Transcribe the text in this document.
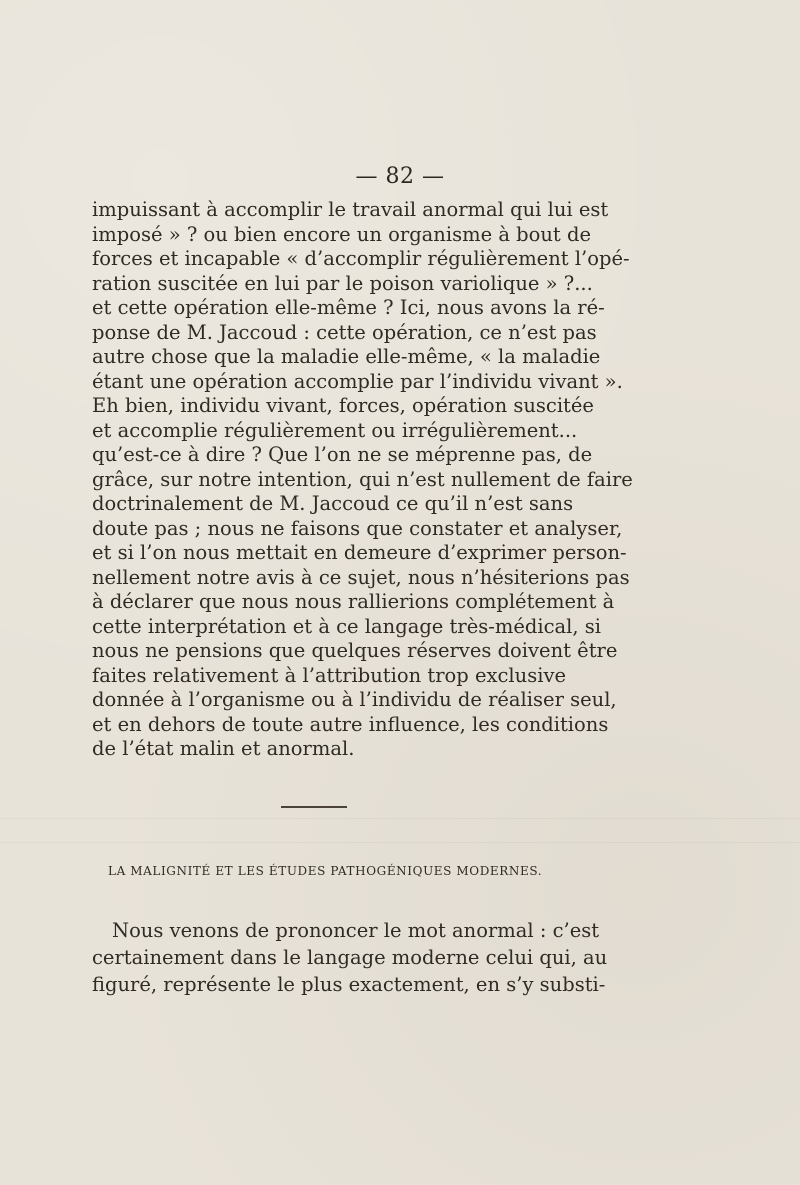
— 82 —
impuissant à accomplir le travail anormal qui lui est
imposé » ? ou bien encore un organisme à bout de
forces et incapable « d’accomplir régulièrement l’opé-
ration suscitée en lui par le poison variolique » ?...
et cette opération elle-même ? Ici, nous avons la ré-
ponse de M. Jaccoud : cette opération, ce n’est pas
autre chose que la maladie elle-même, « la maladie
étant une opération accomplie par l’individu vivant ».
Eh bien, individu vivant, forces, opération suscitée
et accomplie régulièrement ou irrégulièrement...
qu’est-ce à dire ? Que l’on ne se méprenne pas, de
grâce, sur notre intention, qui n’est nullement de faire
doctrinalement de M. Jaccoud ce qu’il n’est sans
doute pas ; nous ne faisons que constater et analyser,
et si l’on nous mettait en demeure d’exprimer person-
nellement notre avis à ce sujet, nous n’hésiterions pas
à déclarer que nous nous rallierions complétement à
cette interprétation et à ce langage très-médical, si
nous ne pensions que quelques réserves doivent être
faites relativement à l’attribution trop exclusive
donnée à l’organisme ou à l’individu de réaliser seul,
et en dehors de toute autre influence, les conditions
de l’état malin et anormal.
LA MALIGNITÉ ET LES ÉTUDES PATHOGÉNIQUES MODERNES.
Nous venons de prononcer le mot anormal : c’est
certainement dans le langage moderne celui qui, au
figuré, représente le plus exactement, en s’y substi-
